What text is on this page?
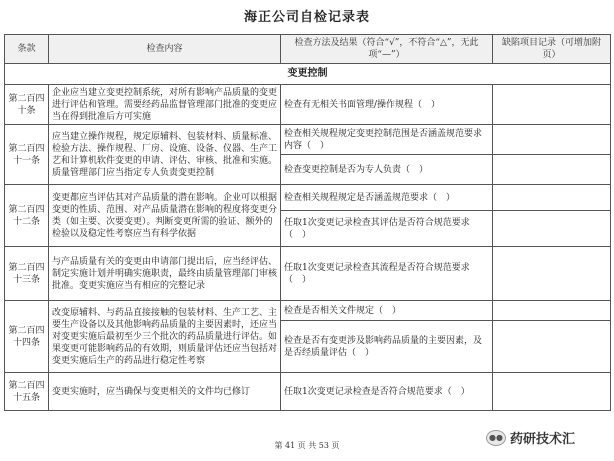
海正公司自检记录表
条款	检查内容	检查方法及结果（符合“√”，不符合“△”，无此项“—”）	缺陷项目记录（可增加附页）
变更控制			
第二百四十条	企业应当建立变更控制系统，对所有影响产品质量的变更进行评估和管理。需要经药品监督管理部门批准的变更应当在得到批准后方可实施	检查有无相关书面管理/操作规程（　）	
第二百四十一条	应当建立操作规程，规定原辅料、包装材料、质量标准、检验方法、操作规程、厂房、设施、设备、仪器、生产工艺和计算机软件变更的申请、评估、审核、批准和实施。质量管理部门应当指定专人负责变更控制	检查相关规程规定变更控制范围是否涵盖规范要求内容（　）	
		检查变更控制是否为专人负责（　）	
第二百四十二条	变更都应当评估其对产品质量的潜在影响。企业可以根据变更的性质、范围、对产品质量潜在影响的程度将变更分类（如主要、次要变更）。判断变更所需的验证、额外的检验以及稳定性考察应当有科学依据	检查相关规程规定是否涵盖规范要求（　）	
		任取1次变更记录检查其评估是否符合规范要求（　）	
第二百四十三条	与产品质量有关的变更由申请部门提出后，应当经评估、制定实施计划并明确实施职责，最终由质量管理部门审核批准。变更实施应当有相应的完整记录	任取1次变更记录检查其流程是否符合规范要求（　）	
第二百四十四条	改变原辅料、与药品直接接触的包装材料、生产工艺、主要生产设备以及其他影响药品质量的主要因素时，还应当对变更实施后最初至少三个批次的药品质量进行评估。如果变更可能影响药品的有效期，则质量评估还应当包括对变更实施后生产的药品进行稳定性考察	检查是否相关文件规定（　）	
		检查是否有变更涉及影响药品质量的主要因素，及是否经质量评估（　）	
第二百四十五条	变更实施时，应当确保与变更相关的文件均已修订	任取1次变更记录检查是否符合规范要求（　）	
第 41 页 共 53 页
●● 药研技术汇
